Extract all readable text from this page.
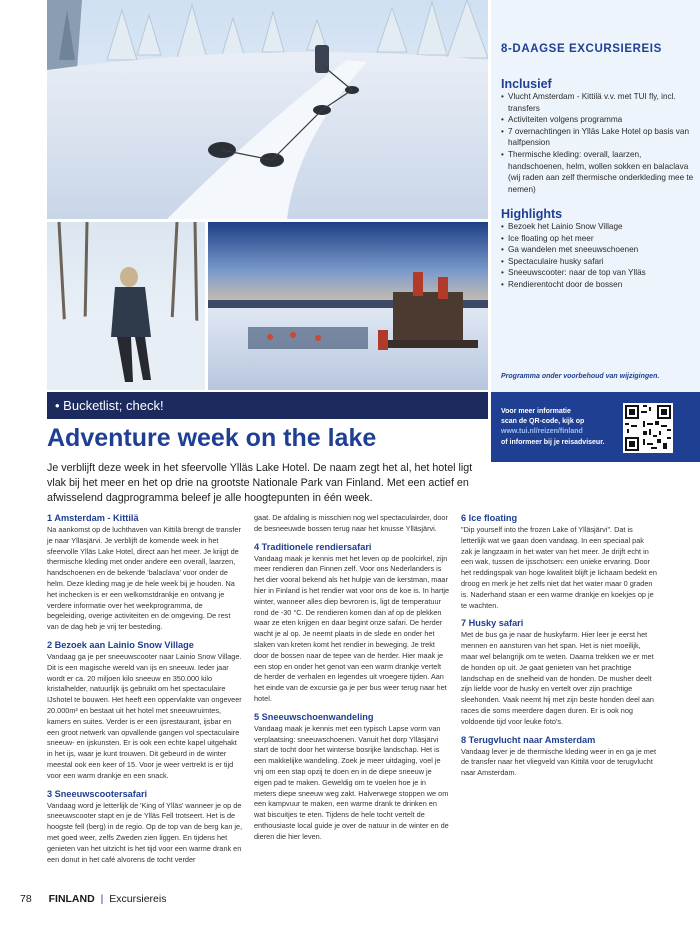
8-DAAGSE EXCURSIEREIS
Inclusief
• Vlucht Amsterdam - Kittilä v.v. met TUI fly, incl. transfers
• Activiteiten volgens programma
• 7 overnachtingen in Ylläs Lake Hotel op basis van halfpension
• Thermische kleding: overall, laarzen, handschoenen, helm, wollen sokken en balaclava (wij raden aan zelf thermische onderkleding mee te nemen)
Highlights
• Bezoek het Lainio Snow Village
• Ice floating op het meer
• Ga wandelen met sneeuwschoenen
• Spectaculaire husky safari
• Sneeuwscooter: naar de top van Ylläs
• Rendierentocht door de bossen
Programma onder voorbehoud van wijzigingen.
• Bucketlist; check!	Voor meer informatie
scan de QR-code, kijk op
www.tui.nl/reizen/finland
of informeer bij je reisadviseur.
Adventure week on the lake
Je verblijft deze week in het sfeervolle Ylläs Lake Hotel. De naam zegt het al, het hotel ligt vlak bij het meer en het op drie na grootste Nationale Park van Finland. Met een actief en afwisselend dagprogramma beleef je alle hoogtepunten in één week.
1 Amsterdam - Kittilä
Na aankomst op de luchthaven van Kittilä brengt de transfer je naar Ylläsjärvi. Je verblijft de komende week in het sfeervolle Ylläs Lake Hotel, direct aan het meer. Je krijgt de thermische kleding met onder andere een overall, laarzen, handschoenen en de bekende 'balaclava' voor onder de helm. Deze kleding mag je de hele week bij je houden. Na het inchecken is er een welkomstdrankje en ontvang je verdere informatie over het weekprogramma, de begeleiding, overige activiteiten en de omgeving. De rest van de dag heb je vrij ter besteding.
2 Bezoek aan Lainio Snow Village
Vandaag ga je per sneeuwscooter naar Lainio Snow Village. Dit is een magische wereld van ijs en sneeuw. Ieder jaar wordt er ca. 20 miljoen kilo sneeuw en 350.000 kilo kristalhelder, natuurlijk ijs gebruikt om het spectaculaire IJshotel te bouwen. Het heeft een oppervlakte van ongeveer 20.000m² en bestaat uit het hotel met sneeuwruimtes, kamers en suites. Verder is er een ijsrestaurant, ijsbar en een groot netwerk van opvallende gangen vol spectaculaire sneeuw- en ijskunsten. Er is ook een echte kapel uitgehakt in het ijs, waar je kunt trouwen. Dit gebeurd in de winter meestal ook een keer of 15. Voor je weer vertrekt is er tijd voor een warm drankje en een snack.
3 Sneeuwscootersafari
Vandaag word je letterlijk de 'King of Ylläs' wanneer je op de sneeuwscooter stapt en je de Ylläs Fell trotseert. Het is de hoogste fell (berg) in de regio. Op de top van de berg kan je, met goed weer, zelfs Zweden zien liggen. En tijdens het genieten van het uitzicht is het tijd voor een warme drank en een donut in het café alvorens de tocht verder
gaat. De afdaling is misschien nog wel spectaculairder, door de besneeuwde bossen terug naar het knusse Ylläsjärvi.
4 Traditionele rendiersafari
Vandaag maak je kennis met het leven op de poolcirkel, zijn meer rendieren dan Finnen zelf. Voor ons Nederlanders is het dier vooral bekend als het hulpje van de kerstman, maar hier in Finland is het rendier wat voor ons de koe is. In hartje winter, wanneer alles diep bevroren is, ligt de temperatuur rond de -30 °C. De rendieren komen dan af op de plekken waar ze eten krijgen en daar begint onze safari. De herder wacht je al op. Je neemt plaats in de slede en onder het slaken van kreten komt het rendier in beweging. Je trekt door de bossen naar de tepee van de herder. Hier maak je een stop en onder het genot van een warm drankje vertelt de herder de verhalen en legendes uit vroegere tijden. Aan het einde van de excursie ga je per bus weer terug naar het hotel.
5 Sneeuwschoenwandeling
Vandaag maak je kennis met een typisch Lapse vorm van verplaatsing: sneeuwschoenen. Vanuit het dorp Ylläsjärvi start de tocht door het winterse bosrijke landschap. Het is een makkelijke wandeling. Zoek je meer uitdaging, voel je vrij om een stap opzij te doen en in de diepe sneeuw je eigen pad te maken. Geweldig om te voelen hoe je in meters diepe sneeuw weg zakt. Halverwege stoppen we om een kampvuur te maken, een warme drank te drinken en wat biscuitjes te eten. Tijdens de hele tocht vertelt de enthousiaste local guide je over de natuur in de winter en de dieren die hier leven.
6 Ice floating
"Dip yourself into the frozen Lake of Ylläsjärvi". Dat is letterlijk wat we gaan doen vandaag. In een speciaal pak zak je langzaam in het water van het meer. Je drijft echt in een wak, tussen de ijsschotsen: een unieke ervaring. Door het reddingspak van hoge kwaliteit blijft je lichaam bedekt en droog en merk je het zelfs niet dat het water maar 0 graden is. Naderhand staan er een warme drankje en koekjes op je te wachten.
7 Husky safari
Met de bus ga je naar de huskyfarm. Hier leer je eerst het mennen en aansturen van het span. Het is niet moeilijk, maar wel belangrijk om te weten. Daarna trekken we er met de honden op uit. Je gaat genieten van het prachtige landschap en de snelheid van de honden. De musher deelt zijn liefde voor de husky en vertelt over zijn prachtige sleehonden. Vaak neemt hij met zijn beste honden deel aan races die soms meerdere dagen duren. Er is ook nog voldoende tijd voor leuke foto's.
8 Terugvlucht naar Amsterdam
Vandaag lever je de thermische kleding weer in en ga je met de transfer naar het vliegveld van Kittilä voor de terugvlucht naar Amsterdam.
78 FINLAND | Excursiereis
